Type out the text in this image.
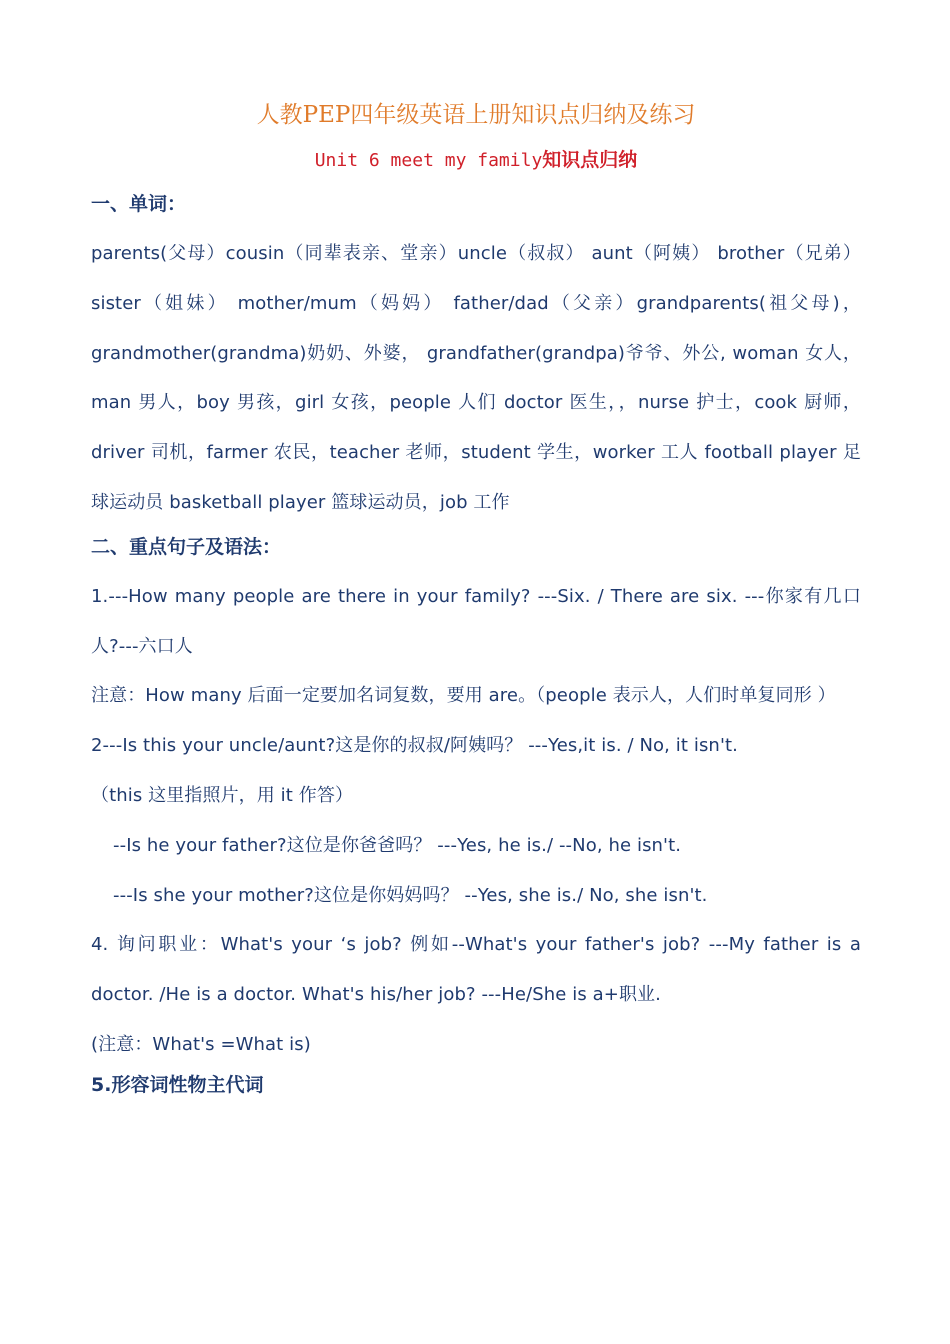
人教PEP四年级英语上册知识点归纳及练习
Unit 6 meet my family知识点归纳
一、单词：

parents(父母）cousin（同辈表亲、堂亲）uncle（叔叔） aunt（阿姨） brother（兄弟） sister（姐妹） mother/mum（妈妈） father/dad（父亲）grandparents(祖父母)，grandmother(grandma)奶奶、外婆， grandfather(grandpa)爷爷、外公, woman 女人，man 男人，boy 男孩，girl 女孩，people 人们 doctor 医生，，nurse 护士，cook 厨师，driver 司机，farmer 农民，teacher 老师，student 学生，worker 工人 football player 足球运动员 basketball player 篮球运动员，job 工作

二、重点句子及语法：

1.---How many people are there in your family? ---Six. / There are six. ---你家有几口人?---六口人

注意：How many 后面一定要加名词复数，要用 are。（people 表示人，人们时单复同形 ）

2---Is this your uncle/aunt?这是你的叔叔/阿姨吗？ ---Yes,it is. / No, it isn't.

（this 这里指照片，用 it 作答）

--Is he your father?这位是你爸爸吗？ ---Yes, he is./ --No, he isn't.

---Is she your mother?这位是你妈妈吗？ --Yes, she is./ No, she isn't.

4. 询问职业：What's your ‘s job? 例如--What's your father's job? ---My father is a doctor. /He is a doctor. What's his/her job? ---He/She is a+职业.

(注意：What's =What is)

5.形容词性物主代词
